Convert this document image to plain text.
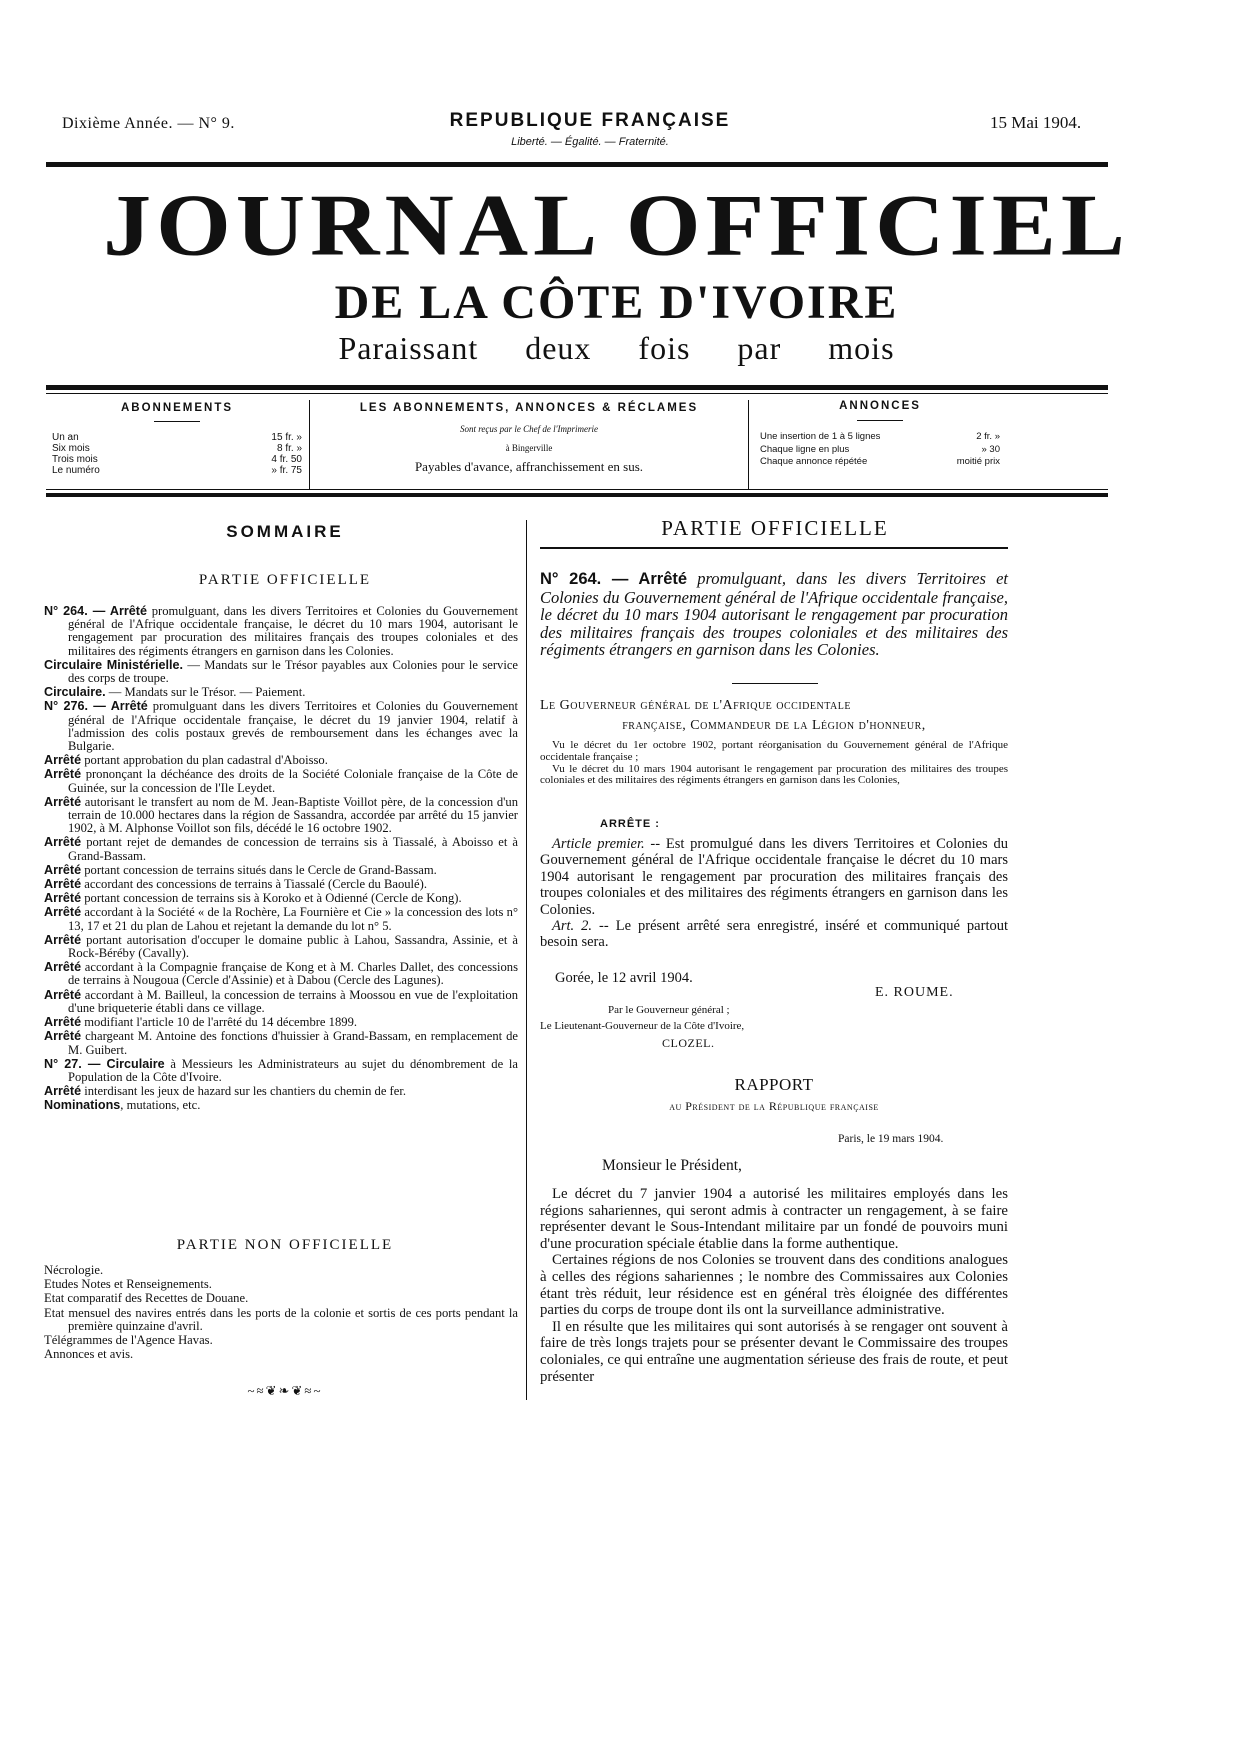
Dixième Année. — N° 9.	REPUBLIQUE FRANÇAISE
Liberté. — Égalité. — Fraternité.
15 Mai 1904.
JOURNAL OFFICIEL
DE LA CÔTE D'IVOIRE
Paraissant deux fois par mois
ABONNEMENTS
Un an	15 fr. »
Six mois	8 fr. »
Trois mois	4 fr. 50
Le numéro	» fr. 75
LES ABONNEMENTS, ANNONCES & RÉCLAMES
Sont reçus par le Chef de l'Imprimerie
à Bingerville
Payables d'avance, affranchissement en sus.
ANNONCES
Une insertion de 1 à 5 lignes	2 fr. »
Chaque ligne en plus	» 30
Chaque annonce répétée	moitié prix
SOMMAIRE
PARTIE OFFICIELLE
N° 264. — Arrêté promulguant, dans les divers Territoires et Colonies du Gouvernement général de l'Afrique occidentale française, le décret du 10 mars 1904, autorisant le rengagement par procuration des militaires français des troupes coloniales et des militaires des régiments étrangers en garnison dans les Colonies.
Circulaire Ministérielle. — Mandats sur le Trésor payables aux Colonies pour le service des corps de troupe.
Circulaire. — Mandats sur le Trésor. — Paiement.
N° 276. — Arrêté promulguant dans les divers Territoires et Colonies du Gouvernement général de l'Afrique occidentale française, le décret du 19 janvier 1904, relatif à l'admission des colis postaux grevés de remboursement dans les échanges avec la Bulgarie.
Arrêté portant approbation du plan cadastral d'Aboisso.
Arrêté prononçant la déchéance des droits de la Société Coloniale française de la Côte de Guinée, sur la concession de l'Ile Leydet.
Arrêté autorisant le transfert au nom de M. Jean-Baptiste Voillot père, de la concession d'un terrain de 10.000 hectares dans la région de Sassandra, accordée par arrêté du 15 janvier 1902, à M. Alphonse Voillot son fils, décédé le 16 octobre 1902.
Arrêté portant rejet de demandes de concession de terrains sis à Tiassalé, à Aboisso et à Grand-Bassam.
Arrêté portant concession de terrains situés dans le Cercle de Grand-Bassam.
Arrêté accordant des concessions de terrains à Tiassalé (Cercle du Baoulé).
Arrêté portant concession de terrains sis à Koroko et à Odienné (Cercle de Kong).
Arrêté accordant à la Société « de la Rochère, La Fournière et Cie » la concession des lots n° 13, 17 et 21 du plan de Lahou et rejetant la demande du lot n° 5.
Arrêté portant autorisation d'occuper le domaine public à Lahou, Sassandra, Assinie, et à Rock-Béréby (Cavally).
Arrêté accordant à la Compagnie française de Kong et à M. Charles Dallet, des concessions de terrains à Nougoua (Cercle d'Assinie) et à Dabou (Cercle des Lagunes).
Arrêté accordant à M. Bailleul, la concession de terrains à Moossou en vue de l'exploitation d'une briqueterie établi dans ce village.
Arrêté modifiant l'article 10 de l'arrêté du 14 décembre 1899.
Arrêté chargeant M. Antoine des fonctions d'huissier à Grand-Bassam, en remplacement de M. Guibert.
N° 27. — Circulaire à Messieurs les Administrateurs au sujet du dénombrement de la Population de la Côte d'Ivoire.
Arrêté interdisant les jeux de hazard sur les chantiers du chemin de fer.
Nominations, mutations, etc.
PARTIE NON OFFICIELLE
Nécrologie.
Etudes Notes et Renseignements.
Etat comparatif des Recettes de Douane.
Etat mensuel des navires entrés dans les ports de la colonie et sortis de ces ports pendant la première quinzaine d'avril.
Télégrammes de l'Agence Havas.
Annonces et avis.
~≈❦❧❦≈~
PARTIE OFFICIELLE
N° 264. — Arrêté promulguant, dans les divers Territoires et Colonies du Gouvernement général de l'Afrique occidentale française, le décret du 10 mars 1904 autorisant le rengagement par procuration des militaires français des troupes coloniales et des militaires des régiments étrangers en garnison dans les Colonies.
Le Gouverneur général de l'Afrique occidentale
française, Commandeur de la Légion d'honneur,

Vu le décret du 1er octobre 1902, portant réorganisation du Gouvernement général de l'Afrique occidentale française ;

Vu le décret du 10 mars 1904 autorisant le rengagement par procuration des militaires des troupes coloniales et des militaires des régiments étrangers en garnison dans les Colonies,

ARRÊTE :

Article premier. -- Est promulgué dans les divers Territoires et Colonies du Gouvernement général de l'Afrique occidentale française le décret du 10 mars 1904 autorisant le rengagement par procuration des militaires français des troupes coloniales et des militaires des régiments étrangers en garnison dans les Colonies.

Art. 2. -- Le présent arrêté sera enregistré, inséré et communiqué partout besoin sera.

Gorée, le 12 avril 1904.
E. ROUME.
Par le Gouverneur général ;
Le Lieutenant-Gouverneur de la Côte d'Ivoire,
CLOZEL.
RAPPORT
au Président de la République française
Paris, le 19 mars 1904.
Monsieur le Président,

Le décret du 7 janvier 1904 a autorisé les militaires employés dans les régions sahariennes, qui seront admis à contracter un rengagement, à se faire représenter devant le Sous-Intendant militaire par un fondé de pouvoirs muni d'une procuration spéciale établie dans la forme authentique.

Certaines régions de nos Colonies se trouvent dans des conditions analogues à celles des régions sahariennes ; le nombre des Commissaires aux Colonies étant très réduit, leur résidence est en général très éloignée des différentes parties du corps de troupe dont ils ont la surveillance administrative.

Il en résulte que les militaires qui sont autorisés à se rengager ont souvent à faire de très longs trajets pour se présenter devant le Commissaire des troupes coloniales, ce qui entraîne une augmentation sérieuse des frais de route, et peut présenter
